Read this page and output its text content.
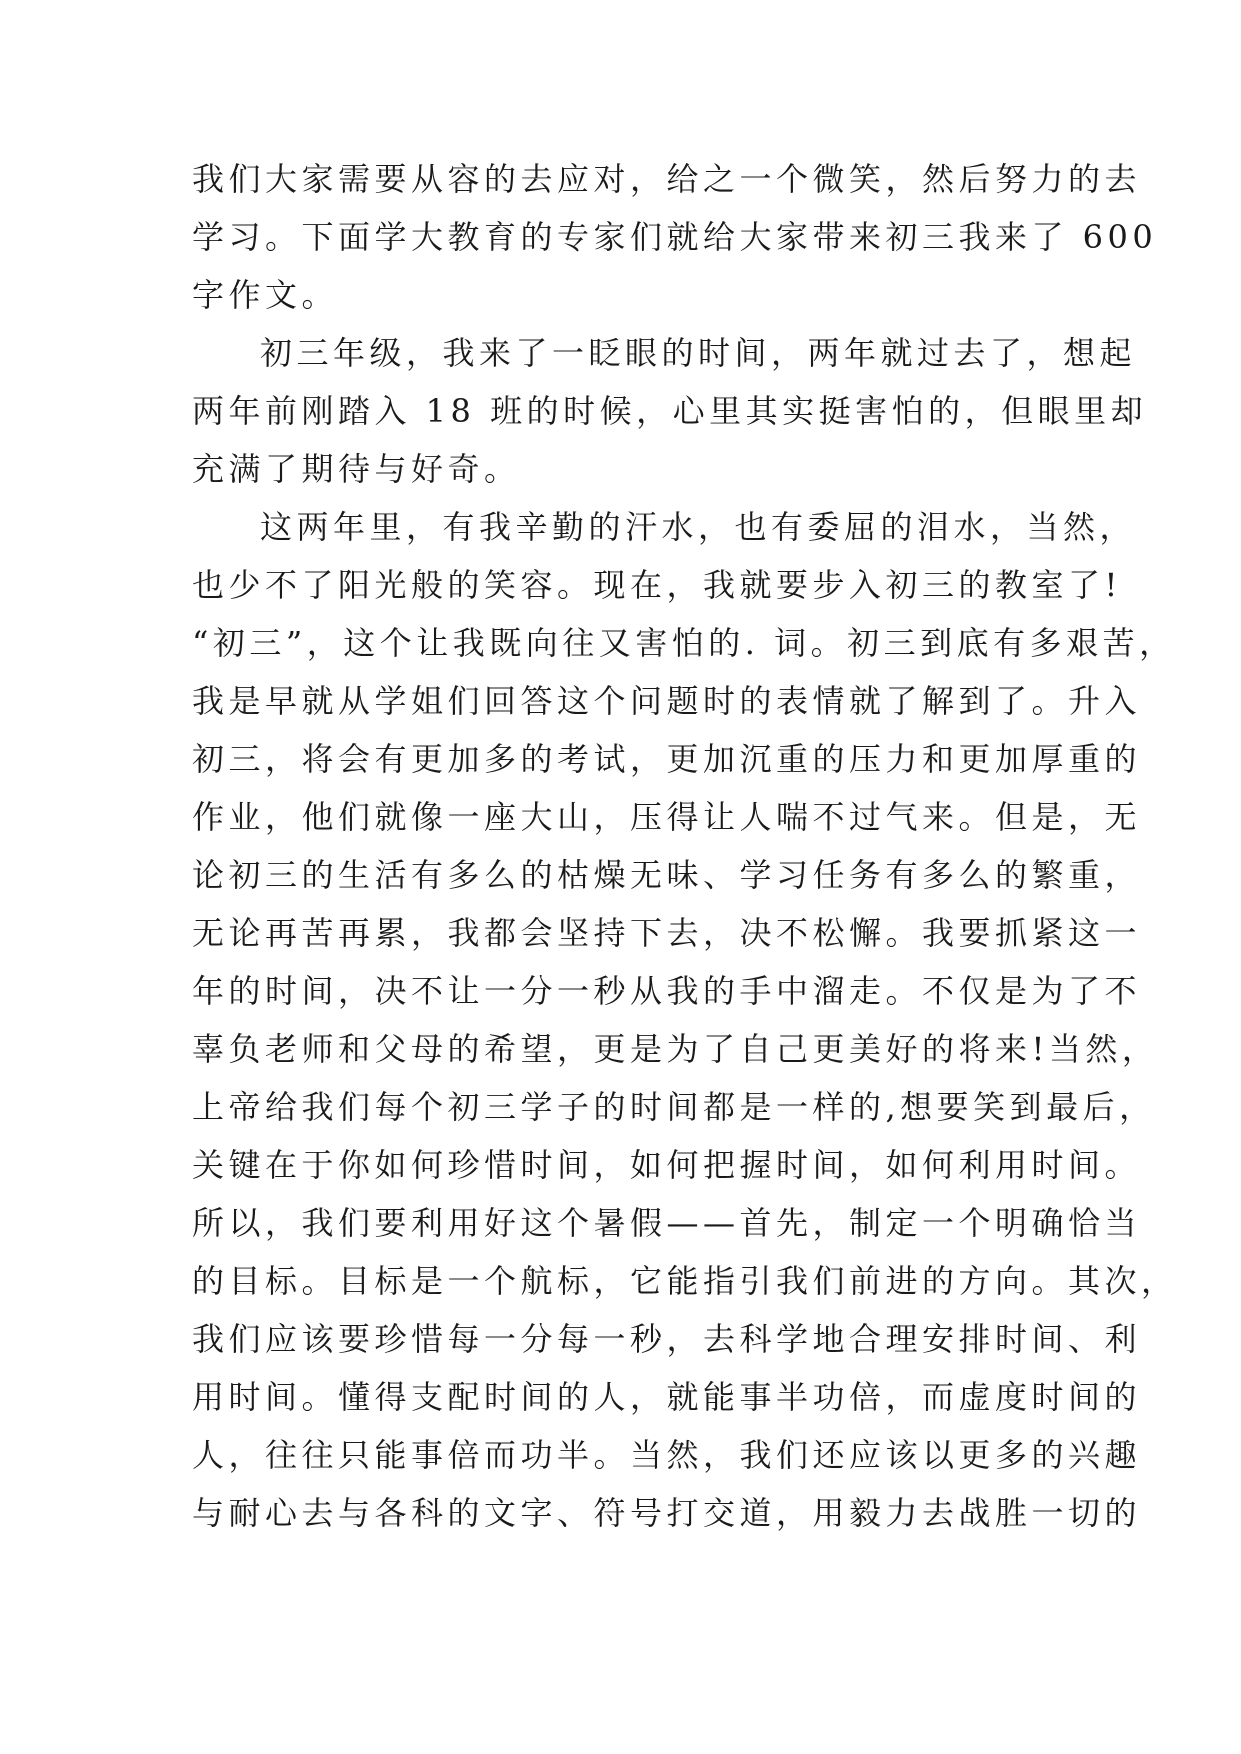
我们大家需要从容的去应对，给之一个微笑，然后努力的去
学习。下面学大教育的专家们就给大家带来初三我来了 600
字作文。
初三年级，我来了一眨眼的时间，两年就过去了，想起
两年前刚踏入 18 班的时候，心里其实挺害怕的，但眼里却
充满了期待与好奇。
这两年里，有我辛勤的汗水，也有委屈的泪水，当然，
也少不了阳光般的笑容。现在，我就要步入初三的教室了!
“初三”，这个让我既向往又害怕的. 词。初三到底有多艰苦，
我是早就从学姐们回答这个问题时的表情就了解到了。升入
初三，将会有更加多的考试，更加沉重的压力和更加厚重的
作业，他们就像一座大山，压得让人喘不过气来。但是，无
论初三的生活有多么的枯燥无味、学习任务有多么的繁重，
无论再苦再累，我都会坚持下去，决不松懈。我要抓紧这一
年的时间，决不让一分一秒从我的手中溜走。不仅是为了不
辜负老师和父母的希望，更是为了自己更美好的将来!当然，
上帝给我们每个初三学子的时间都是一样的,想要笑到最后，
关键在于你如何珍惜时间，如何把握时间，如何利用时间。
所以，我们要利用好这个暑假——首先，制定一个明确恰当
的目标。目标是一个航标，它能指引我们前进的方向。其次，
我们应该要珍惜每一分每一秒，去科学地合理安排时间、利
用时间。懂得支配时间的人，就能事半功倍，而虚度时间的
人，往往只能事倍而功半。当然，我们还应该以更多的兴趣
与耐心去与各科的文字、符号打交道，用毅力去战胜一切的
